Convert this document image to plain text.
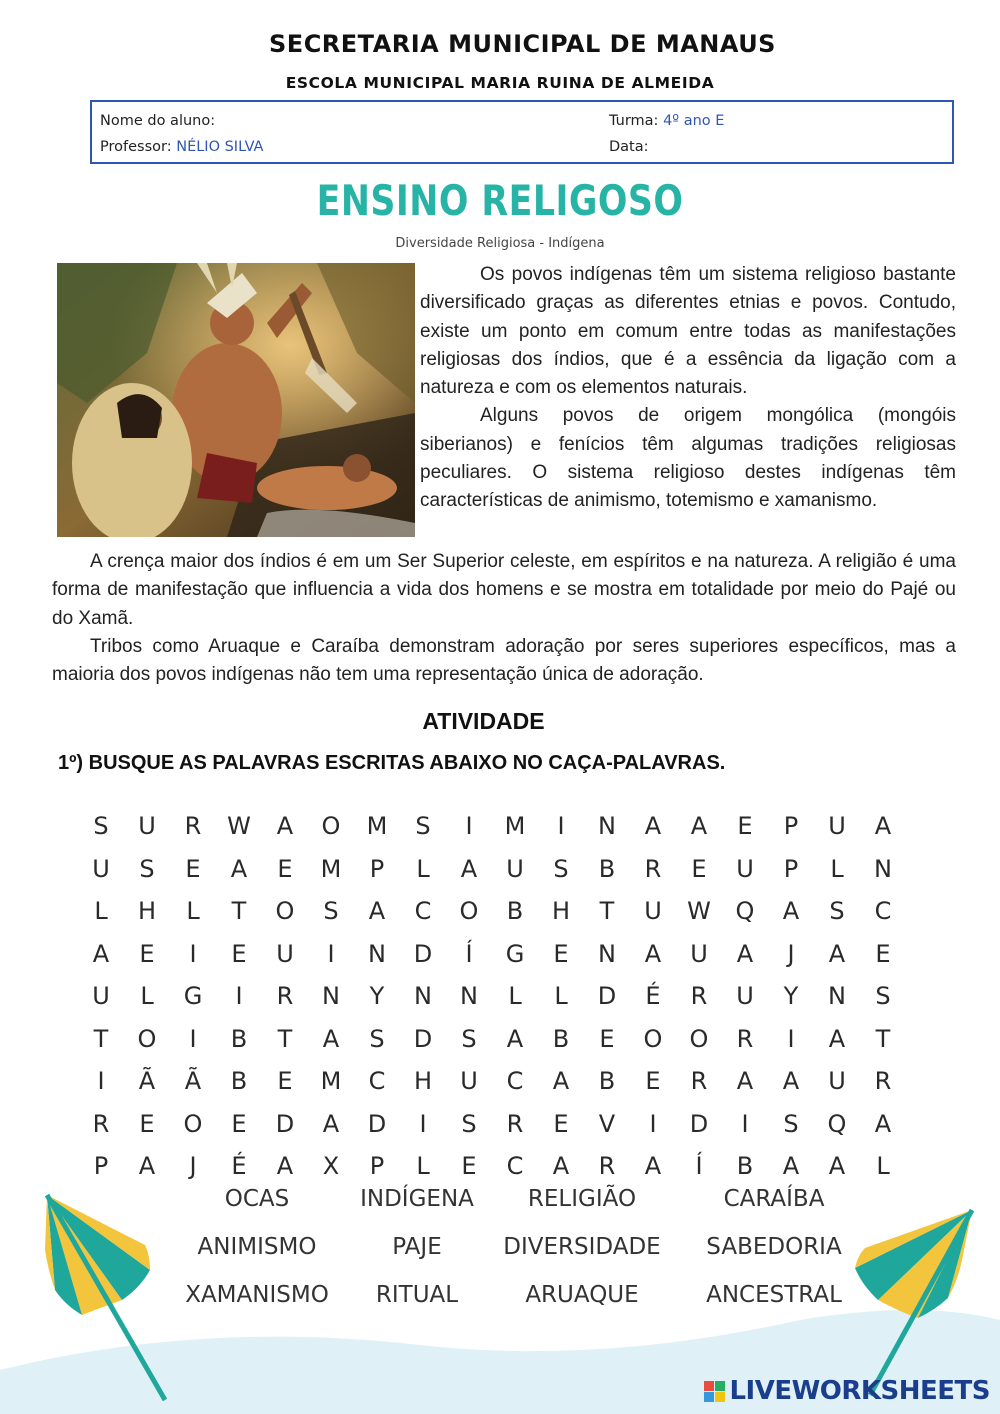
SECRETARIA MUNICIPAL DE MANAUS
ESCOLA MUNICIPAL MARIA RUINA DE ALMEIDA
Nome do aluno:	Turma: 4º ano E
Professor: NÉLIO SILVA	Data:
ENSINO RELIGOSO
Diversidade Religiosa - Indígena

Os povos indígenas têm um sistema religioso bastante diversificado graças as diferentes etnias e povos. Contudo, existe um ponto em comum entre todas as manifestações religiosas dos índios, que é a essência da ligação com a natureza e com os elementos naturais.

Alguns povos de origem mongólica (mongóis siberianos) e fenícios têm algumas tradições religiosas peculiares. O sistema religioso destes indígenas têm características de animismo, totemismo e xamanismo.

A crença maior dos índios é em um Ser Superior celeste, em espíritos e na natureza. A religião é uma forma de manifestação que influencia a vida dos homens e se mostra em totalidade por meio do Pajé ou do Xamã.

Tribos como Aruaque e Caraíba demonstram adoração por seres superiores específicos, mas a maioria dos povos indígenas não tem uma representação única de adoração.

ATIVIDADE
1º) BUSQUE AS PALAVRAS ESCRITAS ABAIXO NO CAÇA-PALAVRAS.
S	U	R	W	A	O	M	S	I	M	I	N	A	A	E	P	U	A
U	S	E	A	E	M	P	L	A	U	S	B	R	E	U	P	L	N
L	H	L	T	O	S	A	C	O	B	H	T	U	W	Q	A	S	C
A	E	I	E	U	I	N	D	Í	G	E	N	A	U	A	J	A	E
U	L	G	I	R	N	Y	N	N	L	L	D	É	R	U	Y	N	S
T	O	I	B	T	A	S	D	S	A	B	E	O	O	R	I	A	T
I	Ã	Ã	B	E	M	C	H	U	C	A	B	E	R	A	A	U	R
R	E	O	E	D	A	D	I	S	R	E	V	I	D	I	S	Q	A
P	A	J	É	A	X	P	L	E	C	A	R	A	Í	B	A	A	L
OCAS	INDÍGENA RELIGIÃO	CARAÍBA
ANIMISMO	PAJE	DIVERSIDADE SABEDORIA
XAMANISMO RITUAL	ARUAQUE	ANCESTRAL
LIVEWORKSHEETS
